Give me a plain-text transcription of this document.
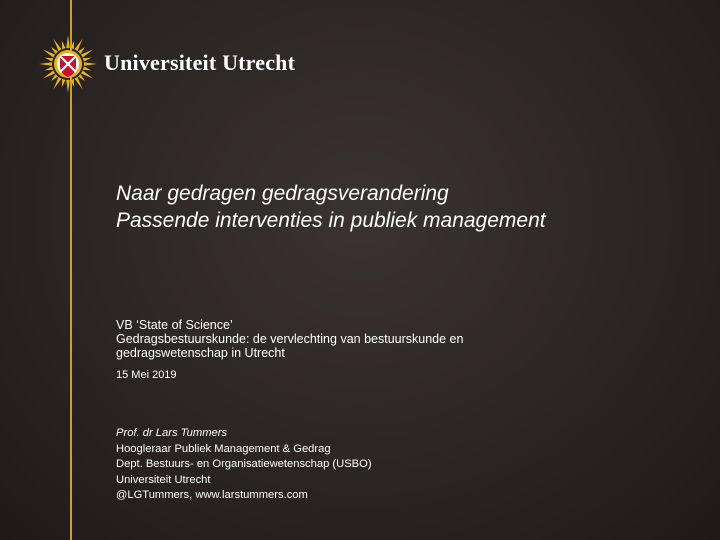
Universiteit Utrecht
Naar gedragen gedragsverandering
Passende interventies in publiek management
VB ‘State of Science’
Gedragsbestuurskunde: de vervlechting van bestuurskunde en gedragswetenschap in Utrecht
15 Mei 2019
Prof. dr Lars Tummers
Hoogleraar Publiek Management & Gedrag
Dept. Bestuurs- en Organisatiewetenschap (USBO)
Universiteit Utrecht
@LGTummers, www.larstummers.com
